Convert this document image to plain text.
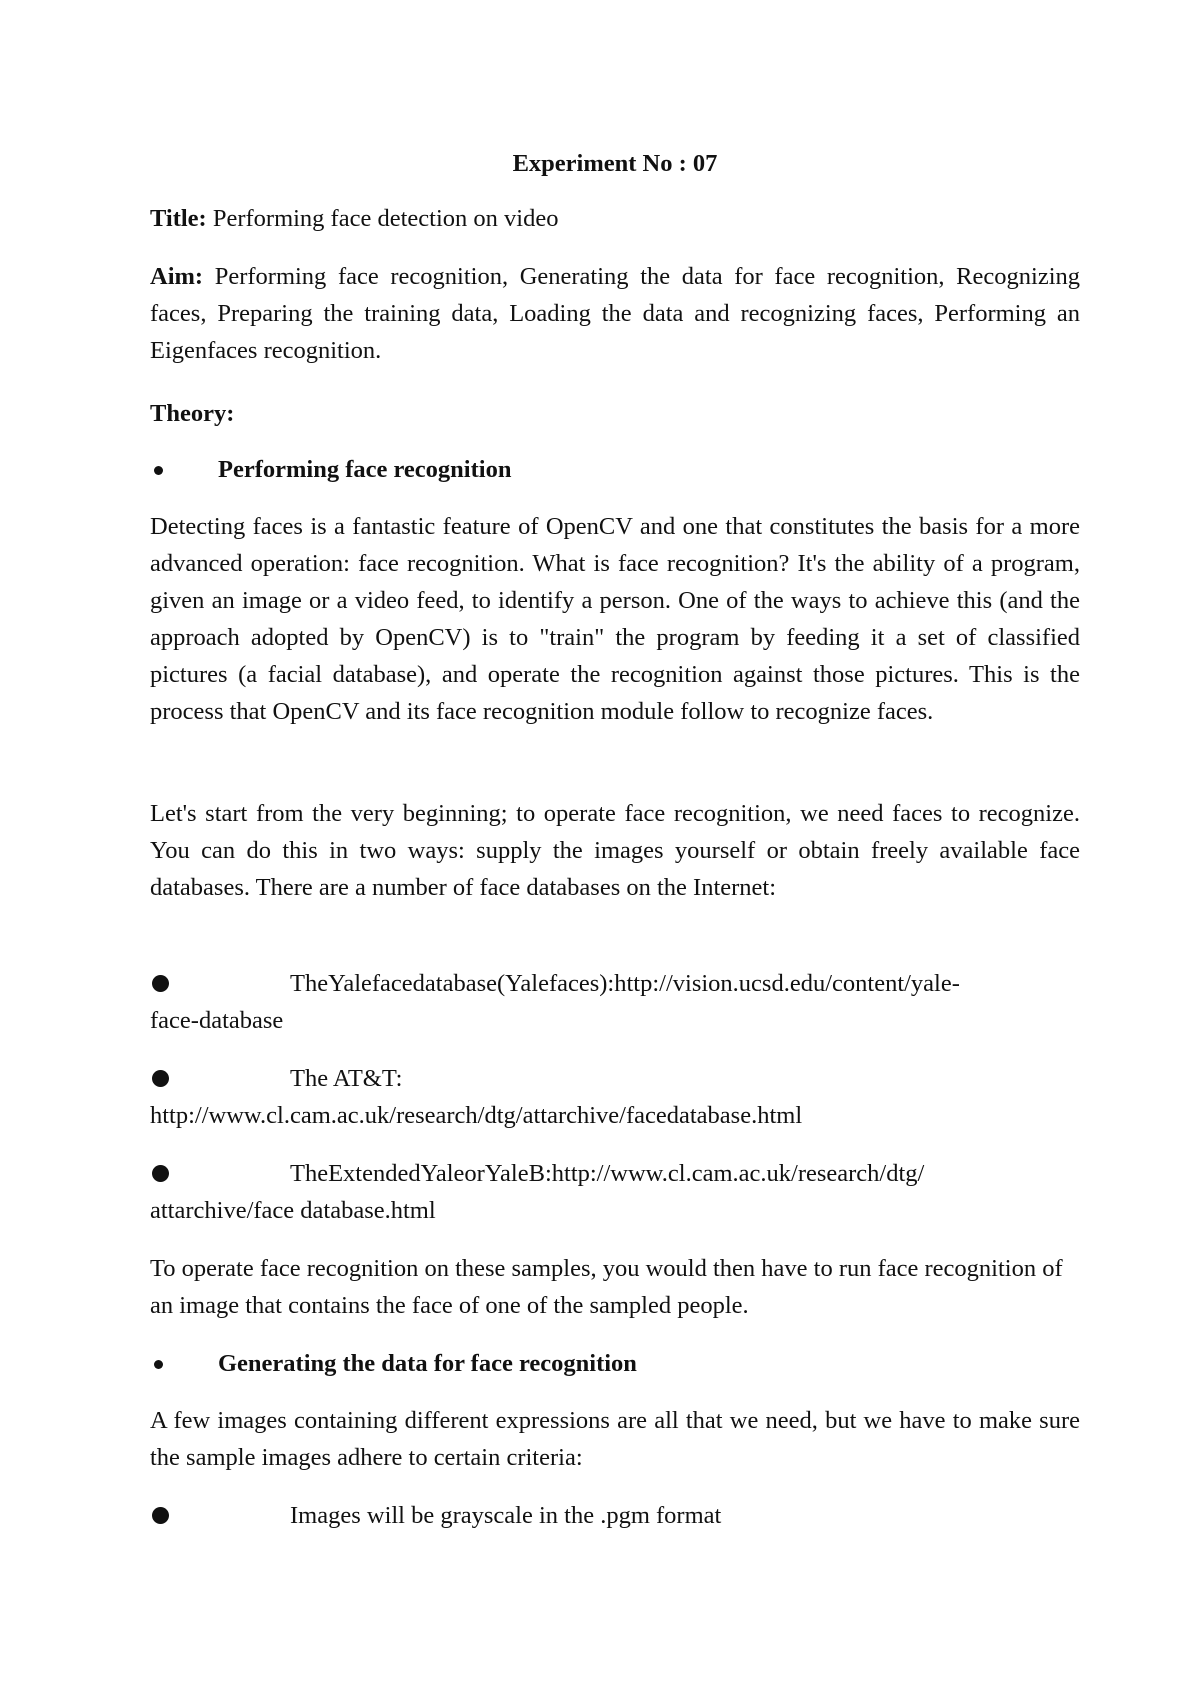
Experiment No : 07

Title: Performing face detection on video

Aim: Performing face recognition, Generating the data for face recognition, Recognizing faces, Preparing the training data, Loading the data and recognizing faces, Performing an Eigenfaces recognition.

Theory:

Performing face recognition

Detecting faces is a fantastic feature of OpenCV and one that constitutes the basis for a more advanced operation: face recognition. What is face recognition? It's the ability of a program, given an image or a video feed, to identify a person. One of the ways to achieve this (and the approach adopted by OpenCV) is to "train" the program by feeding it a set of classified pictures (a facial database), and operate the recognition against those pictures. This is the process that OpenCV and its face recognition module follow to recognize faces.

Let's start from the very beginning; to operate face recognition, we need faces to recognize. You can do this in two ways: supply the images yourself or obtain freely available face databases. There are a number of face databases on the Internet:

TheYalefacedatabase(Yalefaces):http://vision.ucsd.edu/content/yale-
face-database
The AT&T:
http://www.cl.cam.ac.uk/research/dtg/attarchive/facedatabase.html
TheExtendedYaleorYaleB:http://www.cl.cam.ac.uk/research/dtg/
attarchive/face database.html

To operate face recognition on these samples, you would then have to run face recognition of an image that contains the face of one of the sampled people.

Generating the data for face recognition

A few images containing different expressions are all that we need, but we have to make sure the sample images adhere to certain criteria:

Images will be grayscale in the .pgm format
